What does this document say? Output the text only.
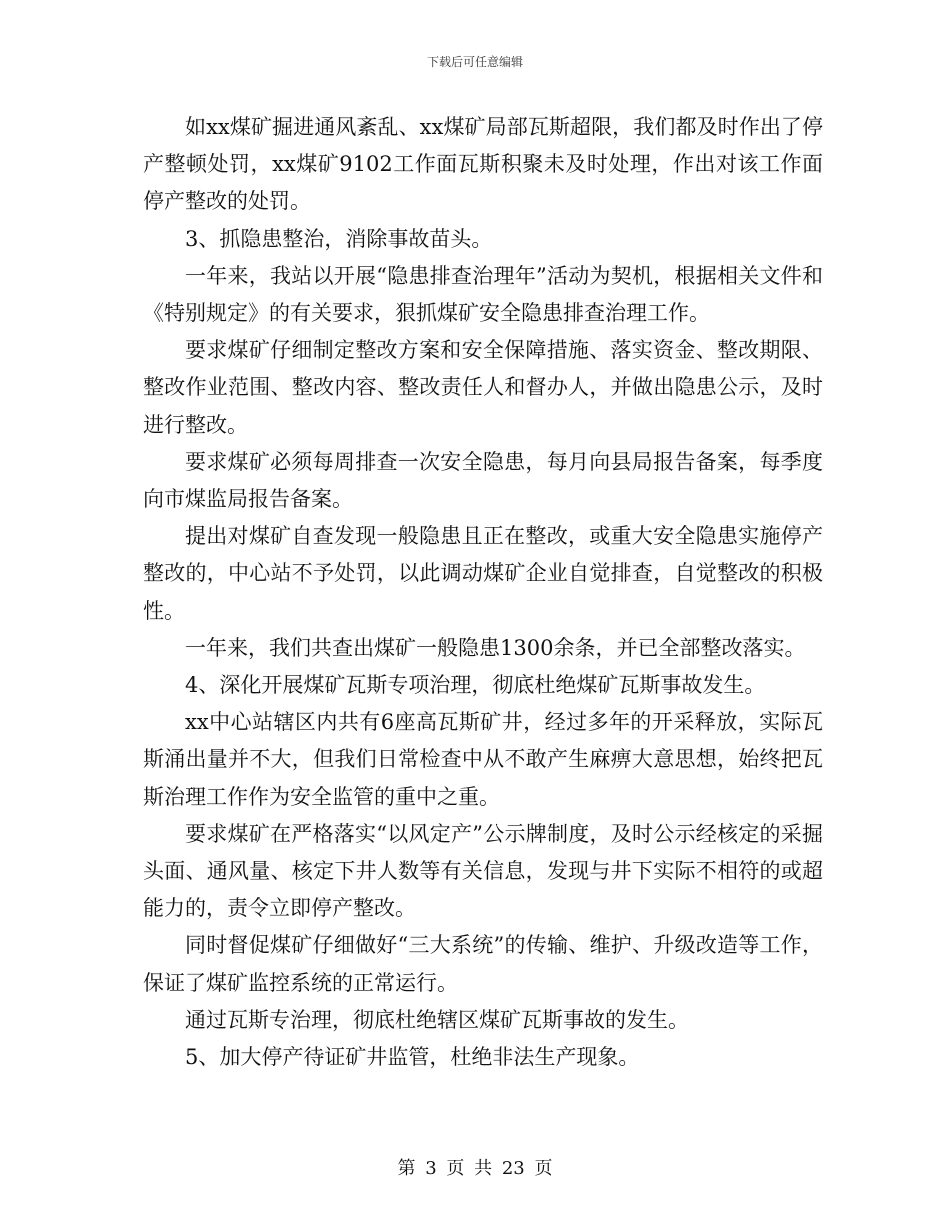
下载后可任意编辑

如xx煤矿掘进通风紊乱、xx煤矿局部瓦斯超限，我们都及时作出了停产整顿处罚，xx煤矿9102工作面瓦斯积聚未及时处理，作出对该工作面停产整改的处罚。

3、抓隐患整治，消除事故苗头。

一年来，我站以开展“隐患排查治理年”活动为契机，根据相关文件和《特别规定》的有关要求，狠抓煤矿安全隐患排查治理工作。

要求煤矿仔细制定整改方案和安全保障措施、落实资金、整改期限、整改作业范围、整改内容、整改责任人和督办人，并做出隐患公示，及时进行整改。

要求煤矿必须每周排查一次安全隐患，每月向县局报告备案，每季度向市煤监局报告备案。

提出对煤矿自查发现一般隐患且正在整改，或重大安全隐患实施停产整改的，中心站不予处罚，以此调动煤矿企业自觉排查，自觉整改的积极性。

一年来，我们共查出煤矿一般隐患1300余条，并已全部整改落实。

4、深化开展煤矿瓦斯专项治理，彻底杜绝煤矿瓦斯事故发生。

xx中心站辖区内共有6座高瓦斯矿井，经过多年的开采释放，实际瓦斯涌出量并不大，但我们日常检查中从不敢产生麻痹大意思想，始终把瓦斯治理工作作为安全监管的重中之重。

要求煤矿在严格落实“以风定产”公示牌制度，及时公示经核定的采掘头面、通风量、核定下井人数等有关信息，发现与井下实际不相符的或超能力的，责令立即停产整改。

同时督促煤矿仔细做好“三大系统”的传输、维护、升级改造等工作，保证了煤矿监控系统的正常运行。

通过瓦斯专治理，彻底杜绝辖区煤矿瓦斯事故的发生。

5、加大停产待证矿井监管，杜绝非法生产现象。

第 3 页 共 23 页
